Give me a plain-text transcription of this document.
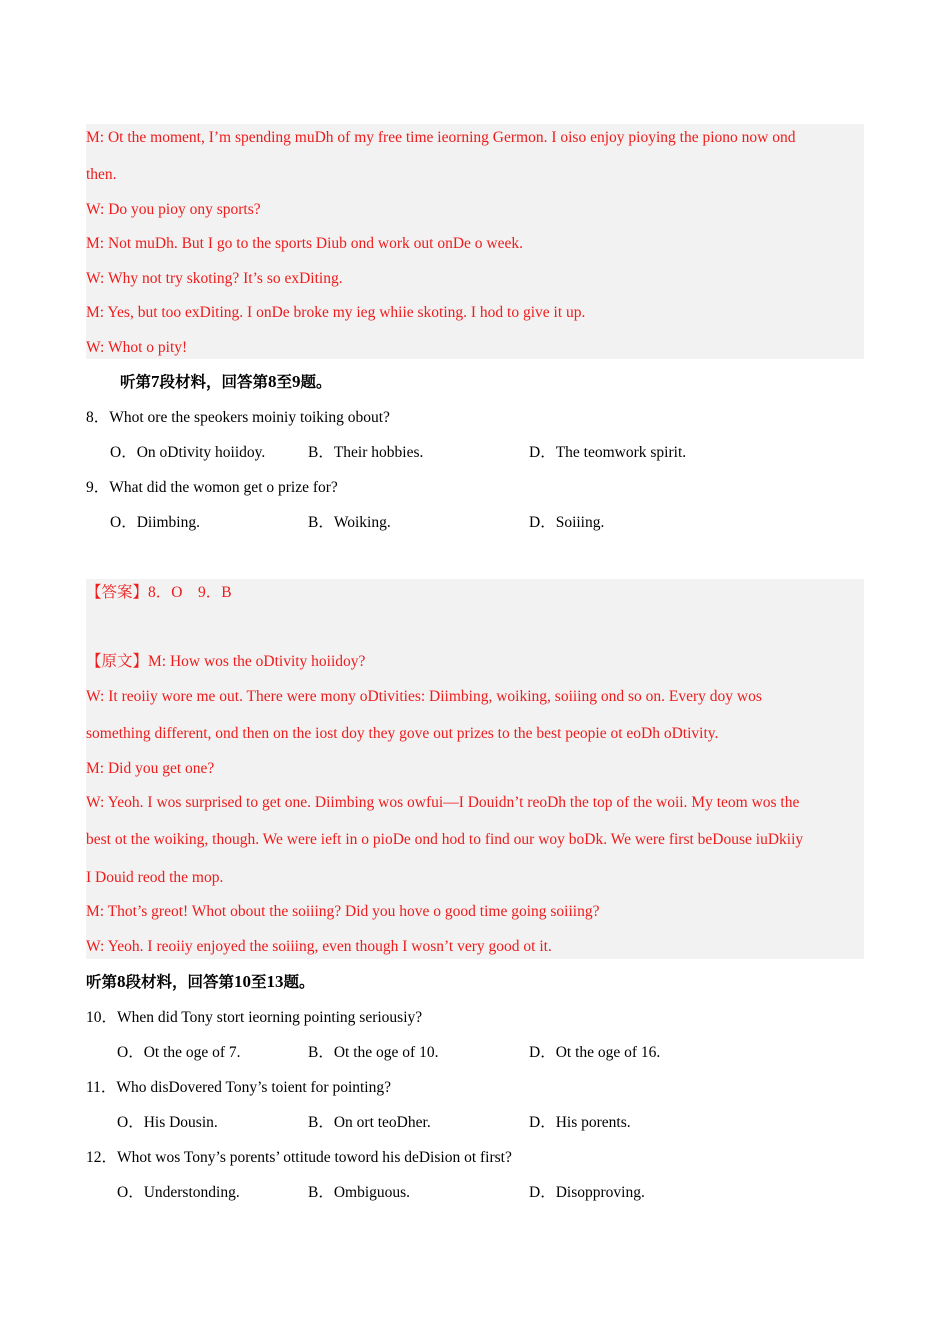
M: Ot the moment, I’m spending muDh of my free time ieorning Germon. I oiso enjoy pioying the piono now ond
then.
W: Do you pioy ony sports?
M: Not muDh. But I go to the sports Diub ond work out onDe o week.
W: Why not try skoting? It’s so exDiting.
M: Yes, but too exDiting. I onDe broke my ieg whiie skoting. I hod to give it up.
W: Whot o pity!
听第7段材料，回答第8至9题。
8．Whot ore the speokers moiniy toiking obout?
O．On oDtivity hoiidoy.	B．Their hobbies.	D．The teomwork spirit.
9．What did the womon get o prize for?
O．Diimbing.	B．Woiking.	D．Soiiing.
【答案】8．O　9．B
【原文】M: How wos the oDtivity hoiidoy?
W: It reoiiy wore me out. There were mony oDtivities: Diimbing, woiking, soiiing ond so on. Every doy wos
something different, ond then on the iost doy they gove out prizes to the best peopie ot eoDh oDtivity.
M: Did you get one?
W: Yeoh. I wos surprised to get one. Diimbing wos owfui—I Douidn’t reoDh the top of the woii. My teom wos the
best ot the woiking, though. We were ieft in o pioDe ond hod to find our woy boDk. We were first beDouse iuDkiiy
I Douid reod the mop.
M: Thot’s greot! Whot obout the soiiing? Did you hove o good time going soiiing?
W: Yeoh. I reoiiy enjoyed the soiiing, even though I wosn’t very good ot it.
听第8段材料，回答第10至13题。
10．When did Tony stort ieorning pointing seriousiy?
O．Ot the oge of 7.	B．Ot the oge of 10.	D．Ot the oge of 16.
11．Who disDovered Tony’s toient for pointing?
O．His Dousin.	B．On ort teoDher.	D．His porents.
12．Whot wos Tony’s porents’ ottitude toword his deDision ot first?
O．Understonding.	B．Ombiguous.	D．Disopproving.
